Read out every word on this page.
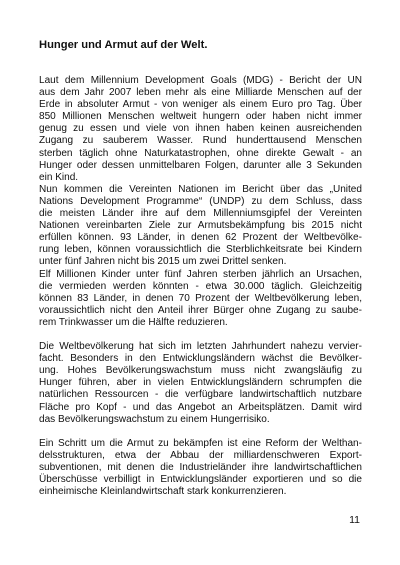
Hunger und Armut auf der Welt.

Laut dem Millennium Development Goals (MDG) - Bericht der UN
aus dem Jahr 2007 leben mehr als eine Milliarde Menschen auf der
Erde in absoluter Armut - von weniger als einem Euro pro Tag. Über
850 Millionen Menschen weltweit hungern oder haben nicht immer
genug zu essen und viele von ihnen haben keinen ausreichenden
Zugang zu sauberem Wasser. Rund hunderttausend Menschen
sterben täglich ohne Naturkatastrophen, ohne direkte Gewalt - an
Hunger oder dessen unmittelbaren Folgen, darunter alle 3 Sekunden
ein Kind.

Nun kommen die Vereinten Nationen im Bericht über das „United
Nations Development Programme“ (UNDP) zu dem Schluss, dass
die meisten Länder ihre auf dem Millenniumsgipfel der Vereinten
Nationen vereinbarten Ziele zur Armutsbekämpfung bis 2015 nicht
erfüllen können. 93 Länder, in denen 62 Prozent der Weltbevölke-
rung leben, können voraussichtlich die Sterblichkeitsrate bei Kindern
unter fünf Jahren nicht bis 2015 um zwei Drittel senken.

Elf Millionen Kinder unter fünf Jahren sterben jährlich an Ursachen,
die vermieden werden könnten - etwa 30.000 täglich. Gleichzeitig
können 83 Länder, in denen 70 Prozent der Weltbevölkerung leben,
voraussichtlich nicht den Anteil ihrer Bürger ohne Zugang zu saube-
rem Trinkwasser um die Hälfte reduzieren.

Die Weltbevölkerung hat sich im letzten Jahrhundert nahezu vervier-
facht. Besonders in den Entwicklungsländern wächst die Bevölker-
ung. Hohes Bevölkerungswachstum muss nicht zwangsläufig zu
Hunger führen, aber in vielen Entwicklungsländern schrumpfen die
natürlichen Ressourcen - die verfügbare landwirtschaftlich nutzbare
Fläche pro Kopf - und das Angebot an Arbeitsplätzen. Damit wird
das Bevölkerungswachstum zu einem Hungerrisiko.

Ein Schritt um die Armut zu bekämpfen ist eine Reform der Welthan-
delsstrukturen, etwa der Abbau der milliardenschweren Export-
subventionen, mit denen die Industrieländer ihre landwirtschaftlichen
Überschüsse verbilligt in Entwicklungsländer exportieren und so die
einheimische Kleinlandwirtschaft stark konkurrenzieren.

11
